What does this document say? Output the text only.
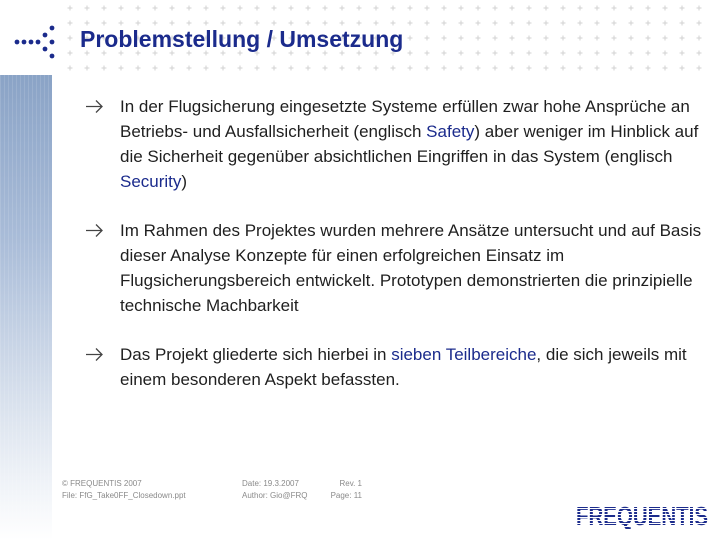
Problemstellung / Umsetzung
In der Flugsicherung eingesetzte Systeme erfüllen zwar hohe Ansprüche an Betriebs- und Ausfallsicherheit (englisch Safety) aber weniger im Hinblick auf die Sicherheit gegenüber absichtlichen Eingriffen in das System (englisch Security)
Im Rahmen des Projektes wurden mehrere Ansätze untersucht und auf Basis dieser Analyse Konzepte für einen erfolgreichen Einsatz im Flugsicherungsbereich entwickelt. Prototypen demonstrierten die prinzipielle technische Machbarkeit
Das Projekt gliederte sich hierbei in sieben Teilbereiche, die sich jeweils mit einem besonderen Aspekt befassten.
© FREQUENTIS 2007
File: FfG_Take0FF_Closedown.ppt
Date: 19.3.2007
Author: Gio@FRQ
Rev. 1
Page: 11
FREQUENTIS
